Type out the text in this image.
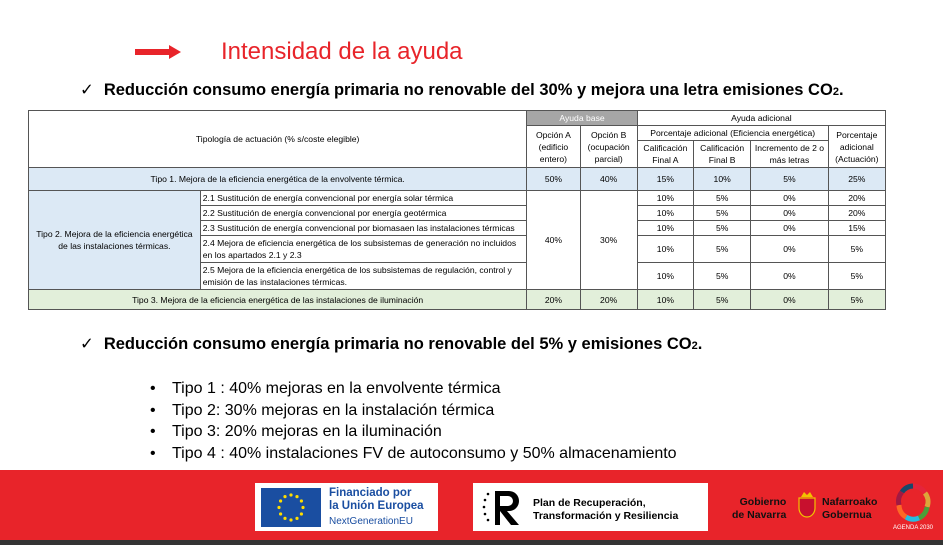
Intensidad de la ayuda
✓ Reducción consumo energía primaria no renovable del 30% y mejora una letra emisiones CO2.
Tipología de actuación (% s/coste elegible)		Ayuda base		Ayuda adicional			
		Opción A (edificio entero)	Opción B (ocupación parcial)	Porcentaje adicional (Eficiencia energética)			Porcentaje adicional (Actuación)
				Calificación Final A	Calificación Final B	Incremento de 2 o más letras	
Tipo 1. Mejora de la eficiencia energética de la envolvente térmica.		50%	40%	15%	10%	5%	25%
Tipo 2. Mejora de la eficiencia energética de las instalaciones térmicas.	2.1 Sustitución de energía convencional por energía solar térmica	40%	30%	10%	5%	0%	20%
	2.2 Sustitución de energía convencional por energía geotérmica			10%	5%	0%	20%
	2.3 Sustitución de energía convencional por biomasaen las instalaciones térmicas			10%	5%	0%	15%
	2.4 Mejora de eficiencia energética de los subsistemas de generación no incluidos en los apartados 2.1 y 2.3			10%	5%	0%	5%
	2.5 Mejora de la eficiencia energética de los subsistemas de regulación, control y emisión de las instalaciones térmicas.			10%	5%	0%	5%
Tipo 3. Mejora de la eficiencia energética de las instalaciones de iluminación		20%	20%	10%	5%	0%	5%
✓ Reducción consumo energía primaria no renovable del 5% y emisiones CO2.
• Tipo 1 : 40% mejoras en la envolvente térmica
• Tipo 2: 30% mejoras en la instalación térmica
• Tipo 3: 20% mejoras en la iluminación
• Tipo 4 : 40% instalaciones FV de autoconsumo y 50% almacenamiento
Financiado por
la Unión Europea
NextGenerationEU
Plan de Recuperación,
Transformación y Resiliencia
Gobierno
de Navarra
Nafarroako
Gobernua
AGENDA 2030
